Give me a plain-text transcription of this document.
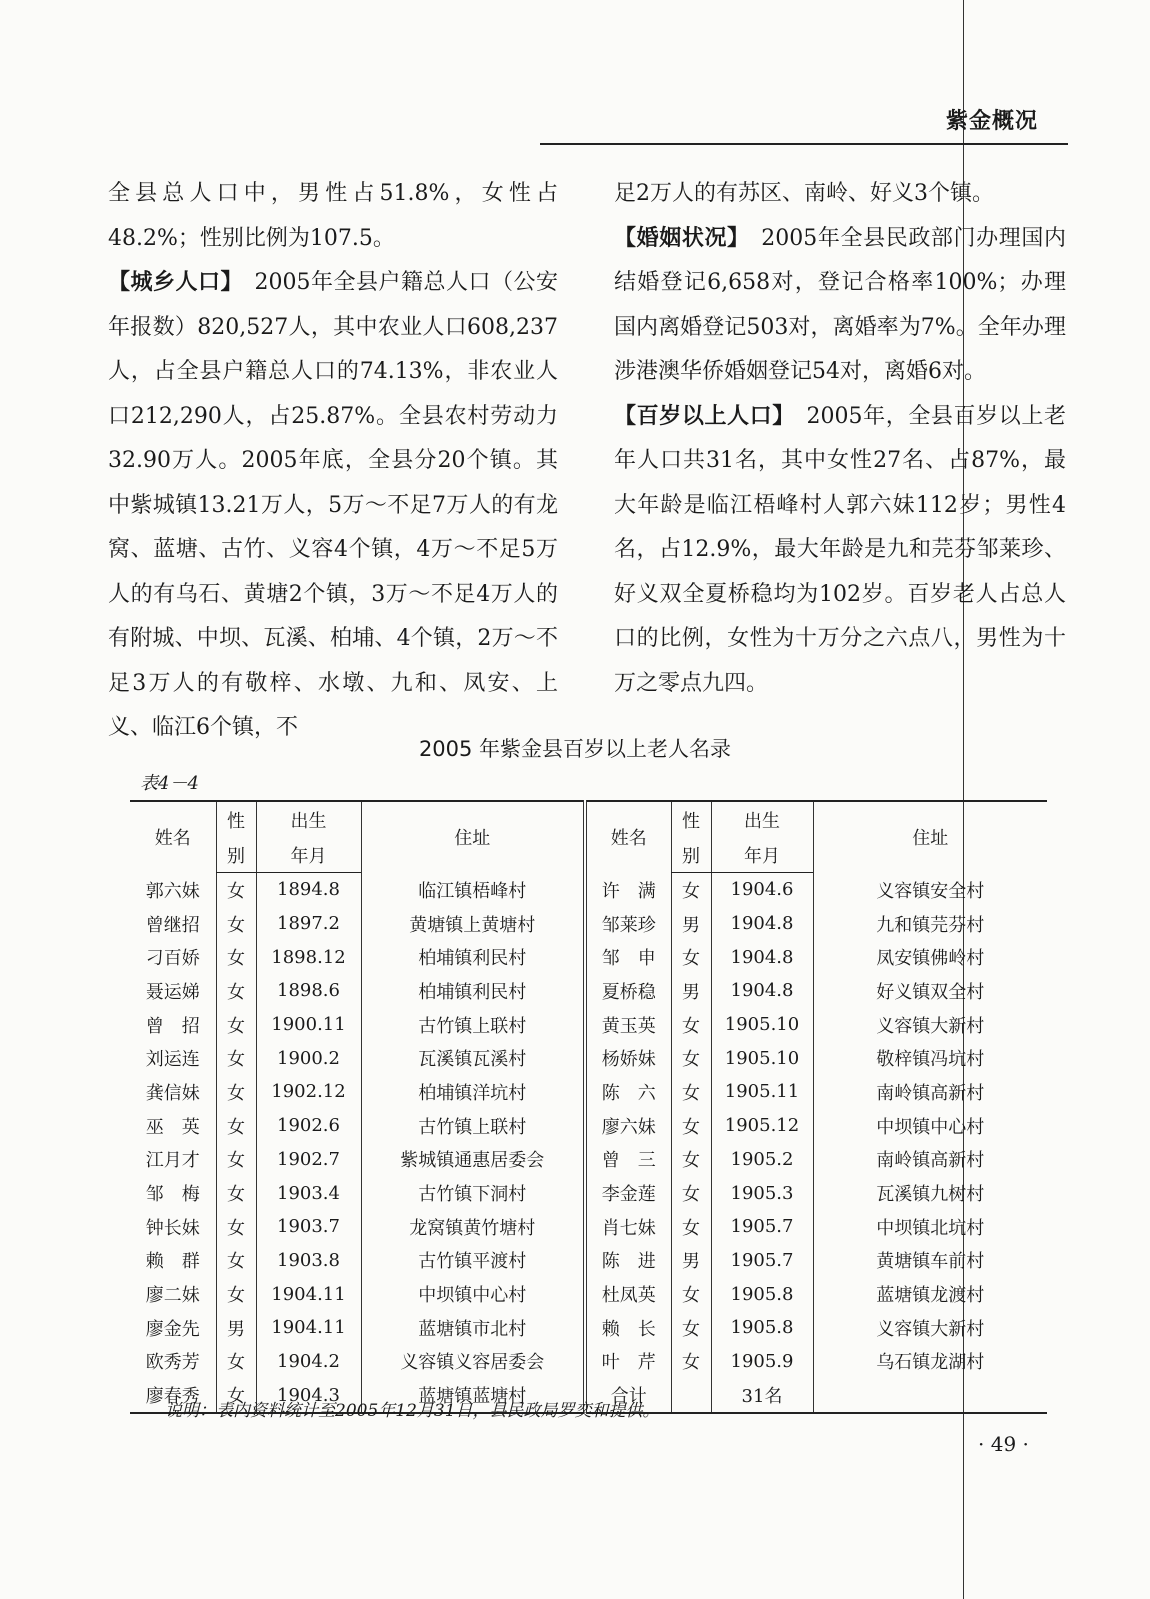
紫金概况

全县总人口中，男性占51.8%，女性占48.2%；性别比例为107.5。

【城乡人口】　2005年全县户籍总人口（公安年报数）820,527人，其中农业人口608,237人，占全县户籍总人口的74.13%，非农业人口212,290人，占25.87%。全县农村劳动力32.90万人。2005年底，全县分20个镇。其中紫城镇13.21万人，5万～不足7万人的有龙窝、蓝塘、古竹、义容4个镇，4万～不足5万人的有乌石、黄塘2个镇，3万～不足4万人的有附城、中坝、瓦溪、柏埔、4个镇，2万～不足3万人的有敬梓、水墩、九和、凤安、上义、临江6个镇，不

足2万人的有苏区、南岭、好义3个镇。

【婚姻状况】　2005年全县民政部门办理国内结婚登记6,658对，登记合格率100%；办理国内离婚登记503对，离婚率为7%。全年办理涉港澳华侨婚姻登记54对，离婚6对。

【百岁以上人口】　2005年，全县百岁以上老年人口共31名，其中女性27名、占87%，最大年龄是临江梧峰村人郭六妹112岁；男性4名，占12.9%，最大年龄是九和芫芬邹莱珍、好义双全夏桥稳均为102岁。百岁老人占总人口的比例，女性为十万分之六点八，男性为十万之零点九四。

2005 年紫金县百岁以上老人名录
表4－4
姓名	性	出生	住址	姓名	性	出生	住址
	别	年月			别	年月	
郭六妹	女	1894.8	临江镇梧峰村	许　满	女	1904.6	义容镇安全村
曾继招	女	1897.2	黄塘镇上黄塘村	邹莱珍	男	1904.8	九和镇芫芬村
刁百娇	女	1898.12	柏埔镇利民村	邹　申	女	1904.8	凤安镇佛岭村
聂运娣	女	1898.6	柏埔镇利民村	夏桥稳	男	1904.8	好义镇双全村
曾　招	女	1900.11	古竹镇上联村	黄玉英	女	1905.10	义容镇大新村
刘运连	女	1900.2	瓦溪镇瓦溪村	杨娇妹	女	1905.10	敬梓镇冯坑村
龚信妹	女	1902.12	柏埔镇洋坑村	陈　六	女	1905.11	南岭镇高新村
巫　英	女	1902.6	古竹镇上联村	廖六妹	女	1905.12	中坝镇中心村
江月才	女	1902.7	紫城镇通惠居委会	曾　三	女	1905.2	南岭镇高新村
邹　梅	女	1903.4	古竹镇下洞村	李金莲	女	1905.3	瓦溪镇九树村
钟长妹	女	1903.7	龙窝镇黄竹塘村	肖七妹	女	1905.7	中坝镇北坑村
赖　群	女	1903.8	古竹镇平渡村	陈　进	男	1905.7	黄塘镇车前村
廖二妹	女	1904.11	中坝镇中心村	杜凤英	女	1905.8	蓝塘镇龙渡村
廖金先	男	1904.11	蓝塘镇市北村	赖　长	女	1905.8	义容镇大新村
欧秀芳	女	1904.2	义容镇义容居委会	叶　芹	女	1905.9	乌石镇龙湖村
廖春秀	女	1904.3	蓝塘镇蓝塘村	合计		31名	
说明：表内资料统计至2005年12月31日，县民政局罗奕和提供。
· 49 ·
